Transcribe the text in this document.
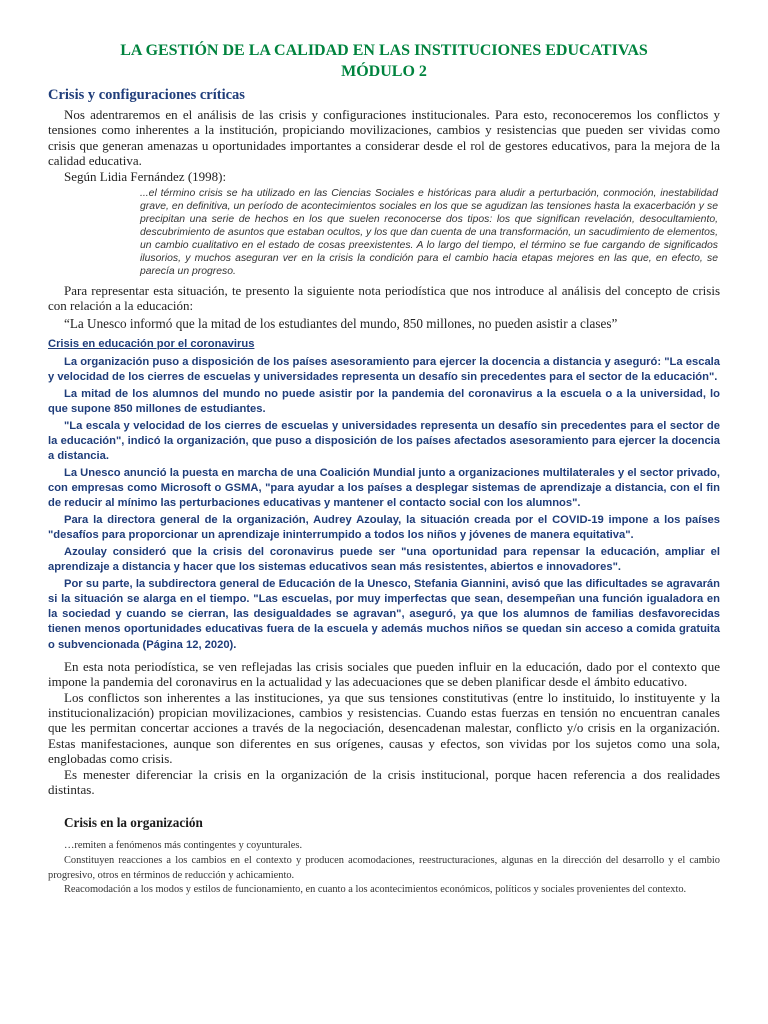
LA GESTIÓN DE LA CALIDAD EN LAS INSTITUCIONES EDUCATIVAS
MÓDULO 2
Crisis y configuraciones críticas

Nos adentraremos en el análisis de las crisis y configuraciones institucionales. Para esto, reconoceremos los conflictos y tensiones como inherentes a la institución, propiciando movilizaciones, cambios y resistencias que pueden ser vividas como crisis que generan amenazas u oportunidades importantes a considerar desde el rol de gestores educativos, para la mejora de la calidad educativa.

Según Lidia Fernández (1998):

...el término crisis se ha utilizado en las Ciencias Sociales e históricas para aludir a perturbación, conmoción, inestabilidad grave, en definitiva, un período de acontecimientos sociales en los que se agudizan las tensiones hasta la exacerbación y se precipitan una serie de hechos en los que suelen reconocerse dos tipos: los que significan revelación, desocultamiento, descubrimiento de asuntos que estaban ocultos, y los que dan cuenta de una transformación, un sacudimiento de elementos, un cambio cualitativo en el estado de cosas preexistentes. A lo largo del tiempo, el término se fue cargando de significados ilusorios, y muchos aseguran ver en la crisis la condición para el cambio hacia etapas mejores en las que, en efecto, se parecía un progreso.

Para representar esta situación, te presento la siguiente nota periodística que nos introduce al análisis del concepto de crisis con relación a la educación:

“La Unesco informó que la mitad de los estudiantes del mundo, 850 millones, no pueden asistir a clases”

Crisis en educación por el coronavirus

La organización puso a disposición de los países asesoramiento para ejercer la docencia a distancia y aseguró: "La escala y velocidad de los cierres de escuelas y universidades representa un desafío sin precedentes para el sector de la educación".

La mitad de los alumnos del mundo no puede asistir por la pandemia del coronavirus a la escuela o a la universidad, lo que supone 850 millones de estudiantes.

"La escala y velocidad de los cierres de escuelas y universidades representa un desafío sin precedentes para el sector de la educación", indicó la organización, que puso a disposición de los países afectados asesoramiento para ejercer la docencia a distancia.

La Unesco anunció la puesta en marcha de una Coalición Mundial junto a organizaciones multilaterales y el sector privado, con empresas como Microsoft o GSMA, "para ayudar a los países a desplegar sistemas de aprendizaje a distancia, con el fin de reducir al mínimo las perturbaciones educativas y mantener el contacto social con los alumnos".

Para la directora general de la organización, Audrey Azoulay, la situación creada por el COVID-19 impone a los países "desafíos para proporcionar un aprendizaje ininterrumpido a todos los niños y jóvenes de manera equitativa".

Azoulay consideró que la crisis del coronavirus puede ser "una oportunidad para repensar la educación, ampliar el aprendizaje a distancia y hacer que los sistemas educativos sean más resistentes, abiertos e innovadores".

Por su parte, la subdirectora general de Educación de la Unesco, Stefania Giannini, avisó que las dificultades se agravarán si la situación se alarga en el tiempo. "Las escuelas, por muy imperfectas que sean, desempeñan una función igualadora en la sociedad y cuando se cierran, las desigualdades se agravan", aseguró, ya que los alumnos de familias desfavorecidas tienen menos oportunidades educativas fuera de la escuela y además muchos niños se quedan sin acceso a comida gratuita o subvencionada (Página 12, 2020).

En esta nota periodística, se ven reflejadas las crisis sociales que pueden influir en la educación, dado por el contexto que impone la pandemia del coronavirus en la actualidad y las adecuaciones que se deben planificar desde el ámbito educativo.

Los conflictos son inherentes a las instituciones, ya que sus tensiones constitutivas (entre lo instituido, lo instituyente y la institucionalización) propician movilizaciones, cambios y resistencias. Cuando estas fuerzas en tensión no encuentran canales que les permitan concertar acciones a través de la negociación, desencadenan malestar, conflicto y/o crisis en la organización. Estas manifestaciones, aunque son diferentes en sus orígenes, causas y efectos, son vividas por los sujetos como una sola, englobadas como crisis.

Es menester diferenciar la crisis en la organización de la crisis institucional, porque hacen referencia a dos realidades distintas.

Crisis en la organización

…remiten a fenómenos más contingentes y coyunturales.

Constituyen reacciones a los cambios en el contexto y producen acomodaciones, reestructuraciones, algunas en la dirección del desarrollo y el cambio progresivo, otros en términos de reducción y achicamiento.

Reacomodación a los modos y estilos de funcionamiento, en cuanto a los acontecimientos económicos, políticos y sociales provenientes del contexto.
